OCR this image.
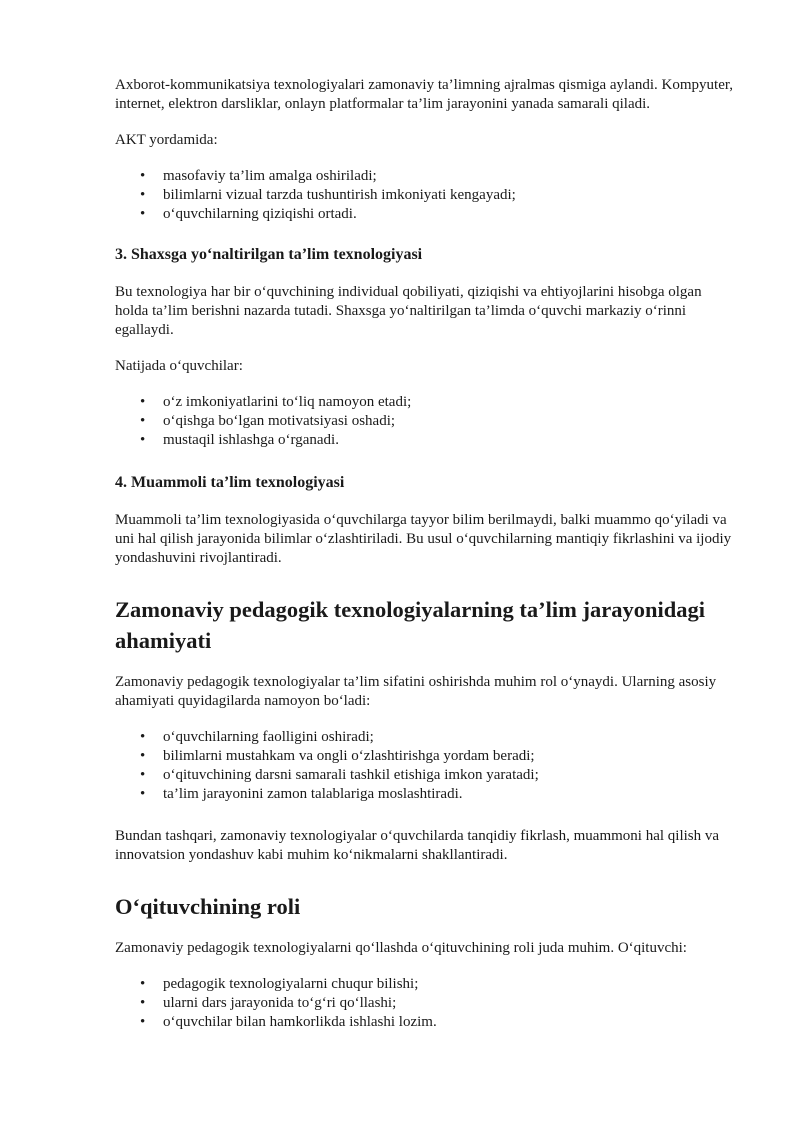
Axborot-kommunikatsiya texnologiyalari zamonaviy ta’limning ajralmas qismiga aylandi. Kompyuter, internet, elektron darsliklar, onlayn platformalar ta’lim jarayonini yanada samarali qiladi.

AKT yordamida:

• masofaviy ta’lim amalga oshiriladi;
• bilimlarni vizual tarzda tushuntirish imkoniyati kengayadi;
• o‘quvchilarning qiziqishi ortadi.
3. Shaxsga yo‘naltirilgan ta’lim texnologiyasi

Bu texnologiya har bir o‘quvchining individual qobiliyati, qiziqishi va ehtiyojlarini hisobga olgan holda ta’lim berishni nazarda tutadi. Shaxsga yo‘naltirilgan ta’limda o‘quvchi markaziy o‘rinni egallaydi.

Natijada o‘quvchilar:

• o‘z imkoniyatlarini to‘liq namoyon etadi;
• o‘qishga bo‘lgan motivatsiyasi oshadi;
• mustaqil ishlashga o‘rganadi.
4. Muammoli ta’lim texnologiyasi

Muammoli ta’lim texnologiyasida o‘quvchilarga tayyor bilim berilmaydi, balki muammo qo‘yiladi va uni hal qilish jarayonida bilimlar o‘zlashtiriladi. Bu usul o‘quvchilarning mantiqiy fikrlashini va ijodiy yondashuvini rivojlantiradi.

Zamonaviy pedagogik texnologiyalarning ta’lim jarayonidagi ahamiyati

Zamonaviy pedagogik texnologiyalar ta’lim sifatini oshirishda muhim rol o‘ynaydi. Ularning asosiy ahamiyati quyidagilarda namoyon bo‘ladi:

• o‘quvchilarning faolligini oshiradi;
• bilimlarni mustahkam va ongli o‘zlashtirishga yordam beradi;
• o‘qituvchining darsni samarali tashkil etishiga imkon yaratadi;
• ta’lim jarayonini zamon talablariga moslashtiradi.

Bundan tashqari, zamonaviy texnologiyalar o‘quvchilarda tanqidiy fikrlash, muammoni hal qilish va innovatsion yondashuv kabi muhim ko‘nikmalarni shakllantiradi.

O‘qituvchining roli

Zamonaviy pedagogik texnologiyalarni qo‘llashda o‘qituvchining roli juda muhim. O‘qituvchi:

• pedagogik texnologiyalarni chuqur bilishi;
• ularni dars jarayonida to‘g‘ri qo‘llashi;
• o‘quvchilar bilan hamkorlikda ishlashi lozim.
